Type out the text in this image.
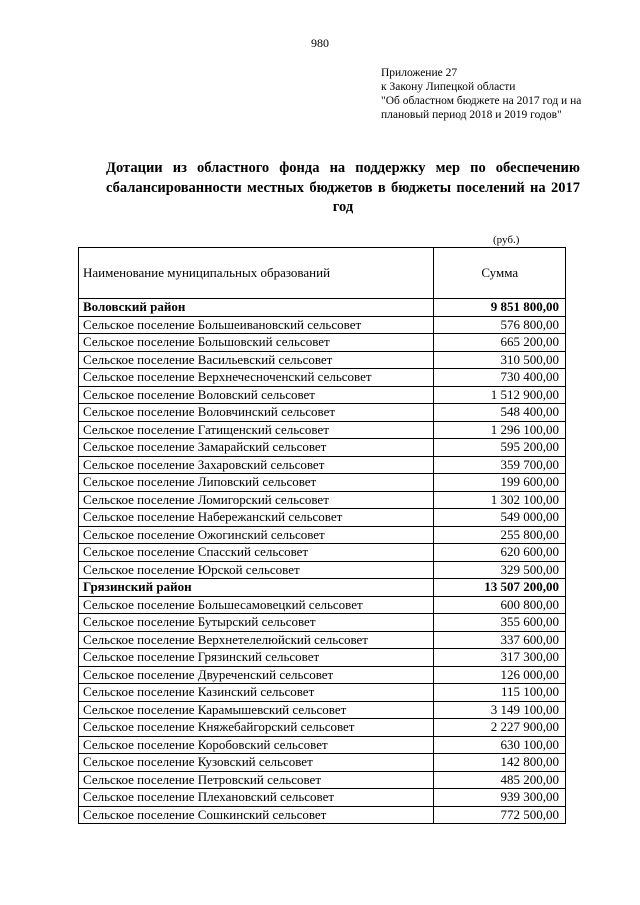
980
Приложение 27
к Закону Липецкой области
"Об областном бюджете на 2017 год и на
плановый период 2018 и 2019 годов"
Дотации из областного фонда на поддержку мер по обеспечению сбалансированности местных бюджетов в бюджеты поселений на 2017 год
(руб.)
Наименование муниципальных образований	Сумма
Воловский район	9 851 800,00
Сельское поселение Большеивановский сельсовет	576 800,00
Сельское поселение Большовский сельсовет	665 200,00
Сельское поселение Васильевский сельсовет	310 500,00
Сельское поселение Верхнечесноченский сельсовет	730 400,00
Сельское поселение Воловский сельсовет	1 512 900,00
Сельское поселение Воловчинский сельсовет	548 400,00
Сельское поселение Гатищенский сельсовет	1 296 100,00
Сельское поселение Замарайский сельсовет	595 200,00
Сельское поселение Захаровский сельсовет	359 700,00
Сельское поселение Липовский сельсовет	199 600,00
Сельское поселение Ломигорский сельсовет	1 302 100,00
Сельское поселение Набережанский сельсовет	549 000,00
Сельское поселение Ожогинский сельсовет	255 800,00
Сельское поселение Спасский сельсовет	620 600,00
Сельское поселение Юрской сельсовет	329 500,00
Грязинский район	13 507 200,00
Сельское поселение Большесамовецкий сельсовет	600 800,00
Сельское поселение Бутырский сельсовет	355 600,00
Сельское поселение Верхнетелелюйский сельсовет	337 600,00
Сельское поселение Грязинский сельсовет	317 300,00
Сельское поселение Двуреченский сельсовет	126 000,00
Сельское поселение Казинский сельсовет	115 100,00
Сельское поселение Карамышевский сельсовет	3 149 100,00
Сельское поселение Княжебайгорский сельсовет	2 227 900,00
Сельское поселение Коробовский сельсовет	630 100,00
Сельское поселение Кузовский сельсовет	142 800,00
Сельское поселение Петровский сельсовет	485 200,00
Сельское поселение Плехановский сельсовет	939 300,00
Сельское поселение Сошкинский сельсовет	772 500,00
